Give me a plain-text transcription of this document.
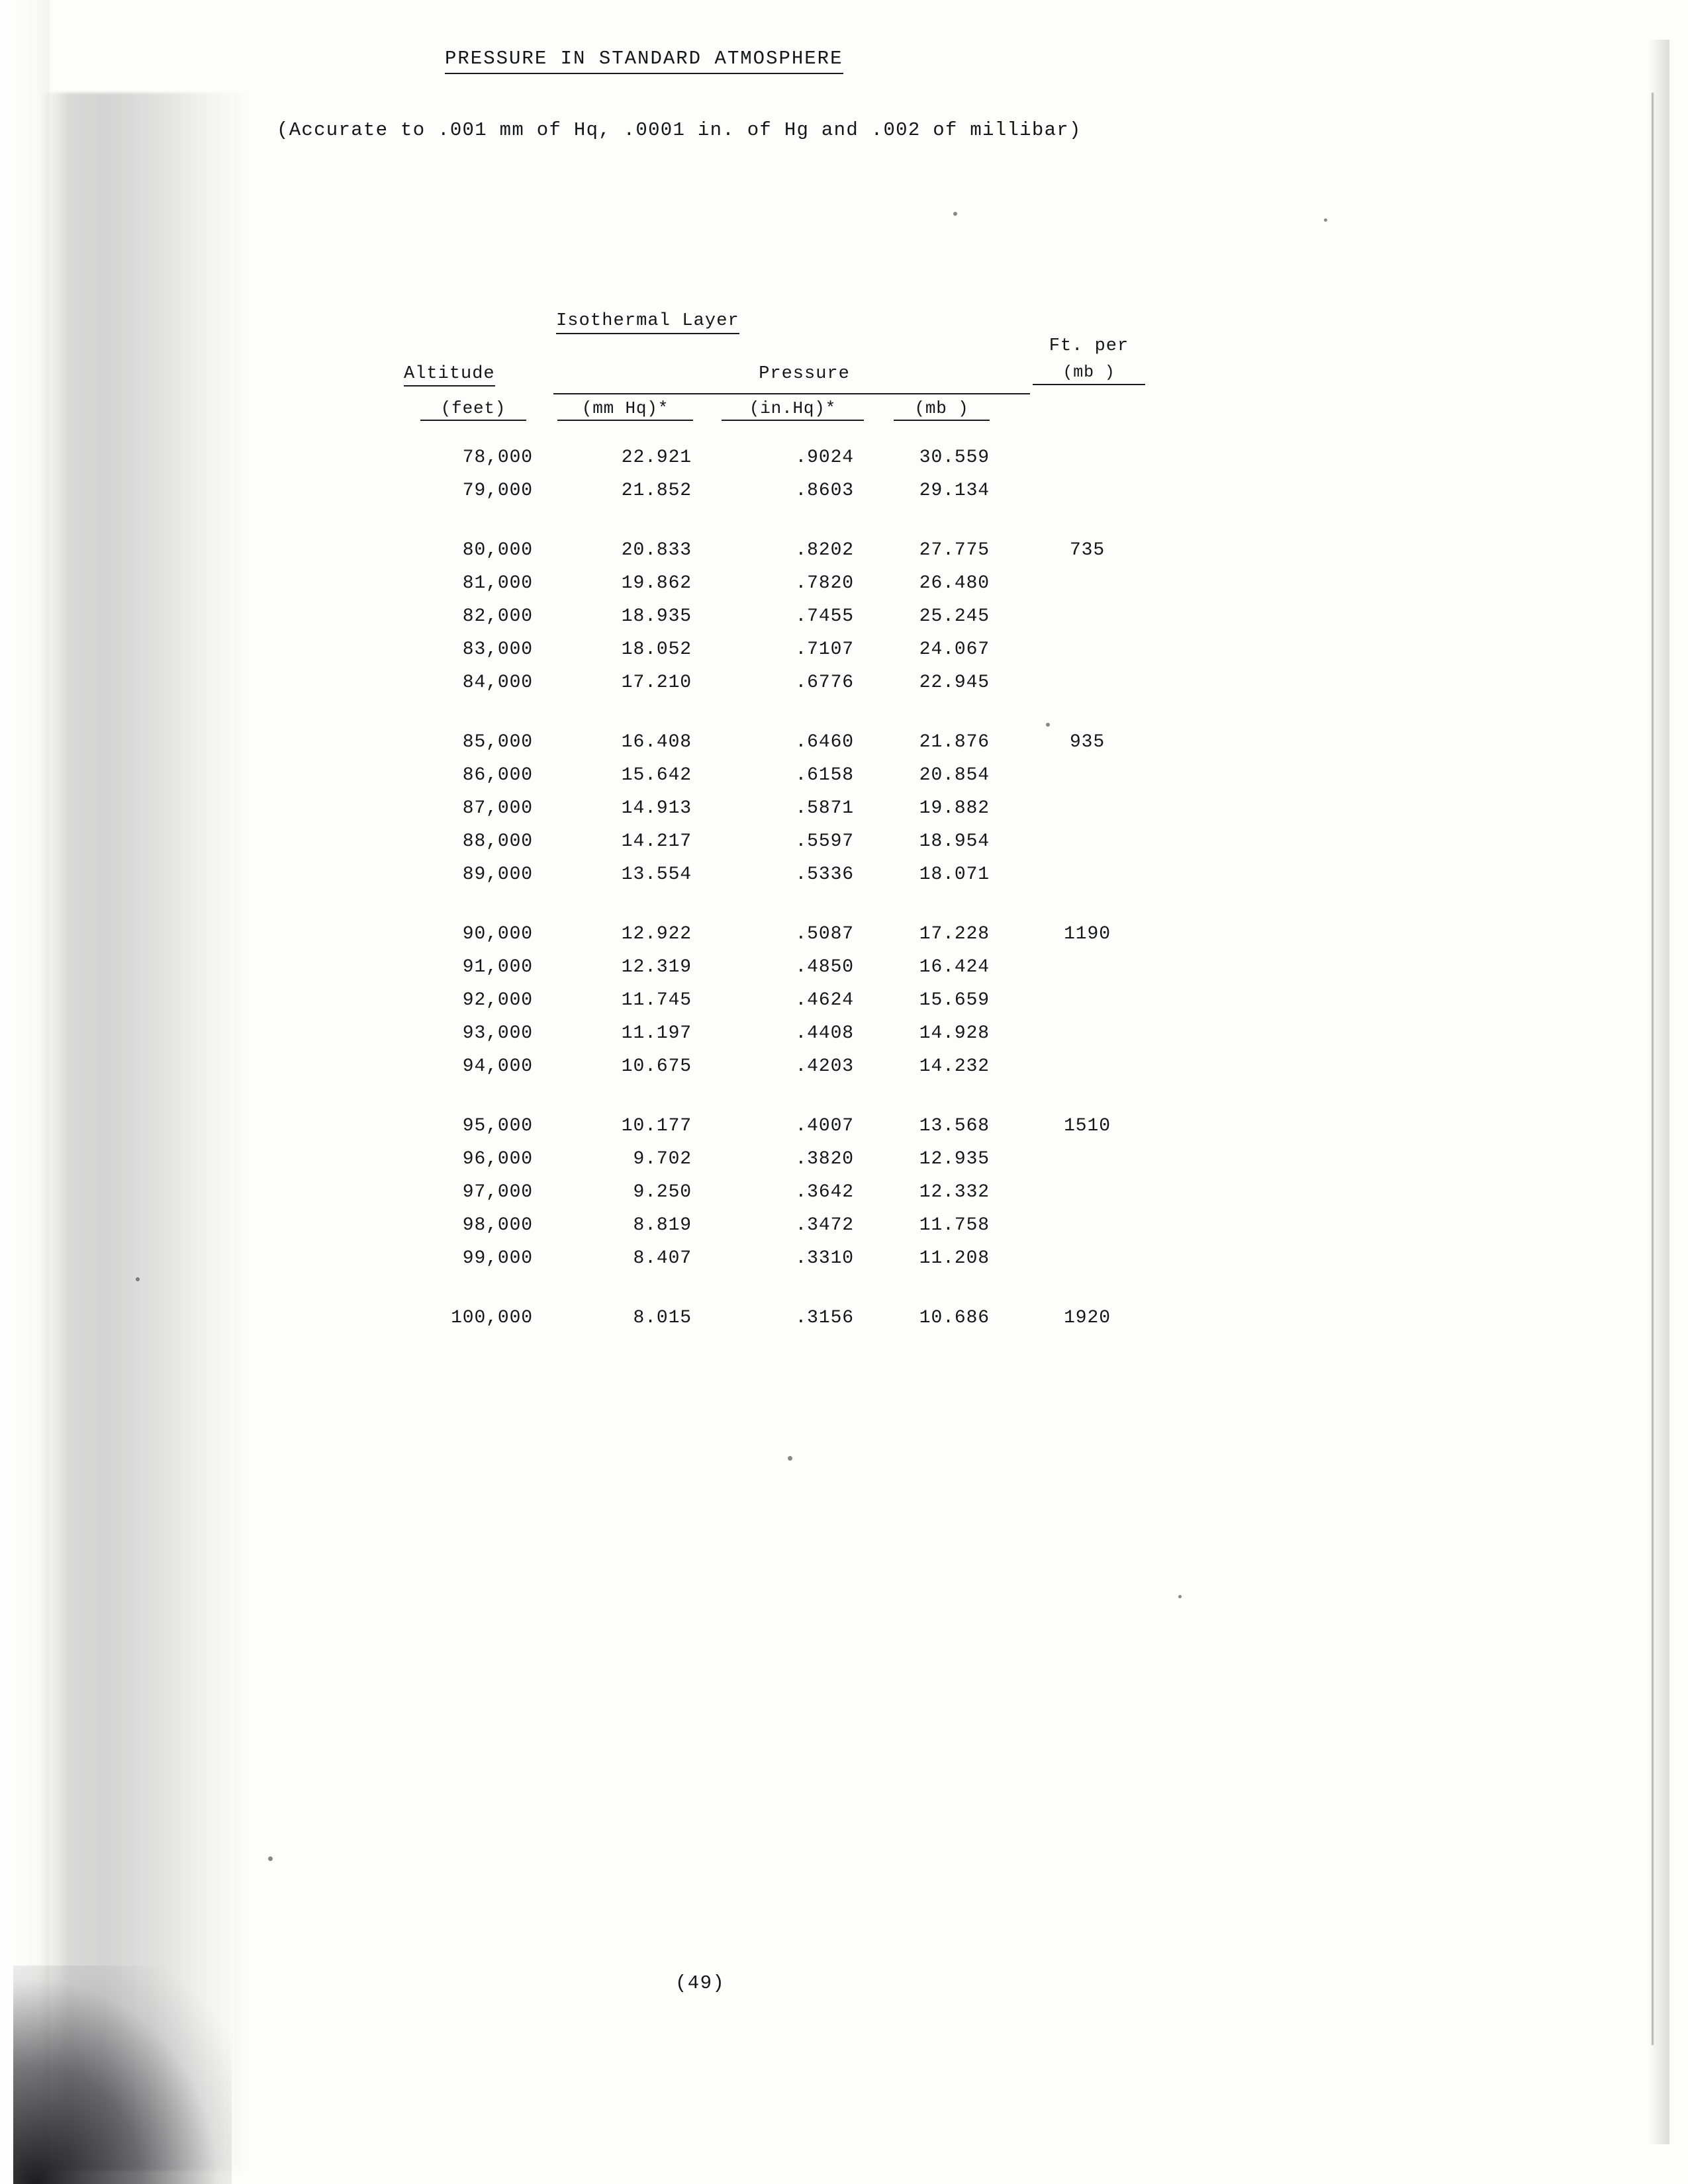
PRESSURE IN STANDARD ATMOSPHERE
(Accurate to .001 mm of Hq, .0001 in. of Hg and .002 of millibar)
Isothermal Layer
Ft. per
(mb )
Altitude	Pressure
(feet)	(mm Hq)*	(in.Hq)*	(mb )
78,000	22.921	.9024	30.559
79,000	21.852	.8603	29.134
80,000	20.833	.8202	27.775	735
81,000	19.862	.7820	26.480
82,000	18.935	.7455	25.245
83,000	18.052	.7107	24.067
84,000	17.210	.6776	22.945
85,000	16.408	.6460	21.876	935
86,000	15.642	.6158	20.854
87,000	14.913	.5871	19.882
88,000	14.217	.5597	18.954
89,000	13.554	.5336	18.071
90,000	12.922	.5087	17.228	1190
91,000	12.319	.4850	16.424
92,000	11.745	.4624	15.659
93,000	11.197	.4408	14.928
94,000	10.675	.4203	14.232
95,000	10.177	.4007	13.568	1510
96,000	9.702	.3820	12.935
97,000	9.250	.3642	12.332
98,000	8.819	.3472	11.758
99,000	8.407	.3310	11.208
100,000	8.015	.3156	10.686	1920
(49)
